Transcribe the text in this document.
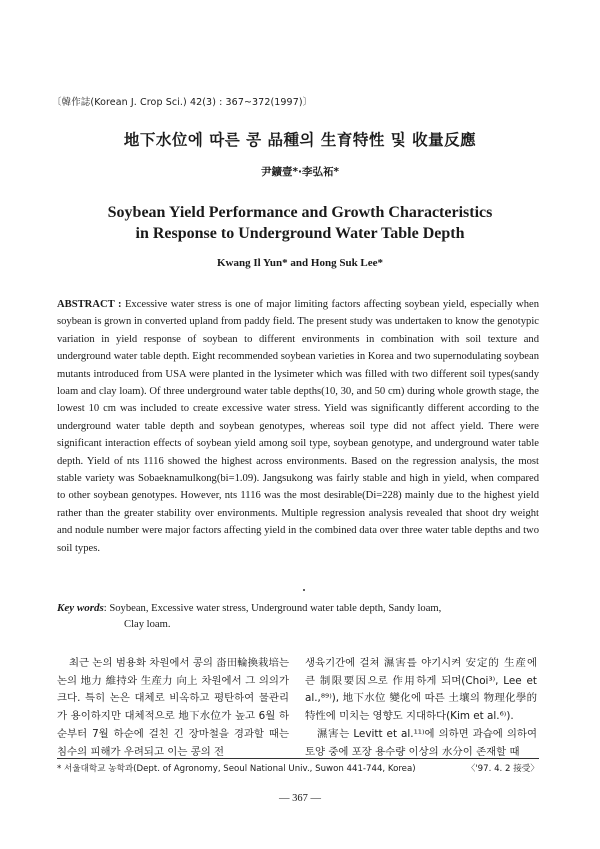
〔韓作誌(Korean J. Crop Sci.) 42(3) : 367~372(1997)〕
地下水位에 따른 콩 品種의 生育特性 및 收量反應
尹鑛壹*·李弘祏*
Soybean Yield Performance and Growth Characteristics
in Response to Underground Water Table Depth
Kwang Il Yun* and Hong Suk Lee*
ABSTRACT : Excessive water stress is one of major limiting factors affecting soybean yield, especially when soybean is grown in converted upland from paddy field. The present study was undertaken to know the genotypic variation in yield response of soybean to different environments in combination with soil texture and underground water table depth. Eight recommended soybean varieties in Korea and two supernodulating soybean mutants introduced from USA were planted in the lysimeter which was filled with two different soil types(sandy loam and clay loam). Of three underground water table depths(10, 30, and 50 cm) during whole growth stage, the lowest 10 cm was included to create excessive water stress. Yield was significantly different according to the underground water table depth and soybean genotypes, whereas soil type did not affect yield. There were significant interaction effects of soybean yield among soil type, soybean genotype, and underground water table depth. Yield of nts 1116 showed the highest across environments. Based on the regression analysis, the most stable variety was Sobaeknamulkong(bi=1.09). Jangsukong was fairly stable and high in yield, when compared to other soybean genotypes. However, nts 1116 was the most desirable(Di=228) mainly due to the highest yield rather than the greater stability over environments. Multiple regression analysis revealed that shoot dry weight and nodule number were major factors affecting yield in the combined data over three water table depths and two soil types.
Key words: Soybean, Excessive water stress, Underground water table depth, Sandy loam,
Clay loam.

최근 논의 범용화 차원에서 콩의 畓田輪換栽培는 논의 地力 維持와 生産力 向上 차원에서 그 의의가 크다. 특히 논은 대체로 비옥하고 평탄하여 물관리가 용이하지만 대체적으로 地下水位가 높고 6월 하순부터 7월 하순에 걸친 긴 장마철을 경과할 때는 침수의 피해가 우려되고 이는 콩의 전

생육기간에 걸쳐 濕害를 야기시켜 安定的 生産에 큰 制限要因으로 作用하게 되며(Choi³⁾, Lee et al.,⁸⁹⁾), 地下水位 變化에 따른 土壤의 物理化學的 特性에 미치는 영향도 지대하다(Kim et al.⁶⁾).

濕害는 Levitt et al.¹¹⁾에 의하면 과습에 의하여 토양 중에 포장 용수량 이상의 水分이 존재할 때

* 서울대학교 농학과(Dept. of Agronomy, Seoul National Univ., Suwon 441-744, Korea)	〈'97. 4. 2 接受〉
— 367 —
